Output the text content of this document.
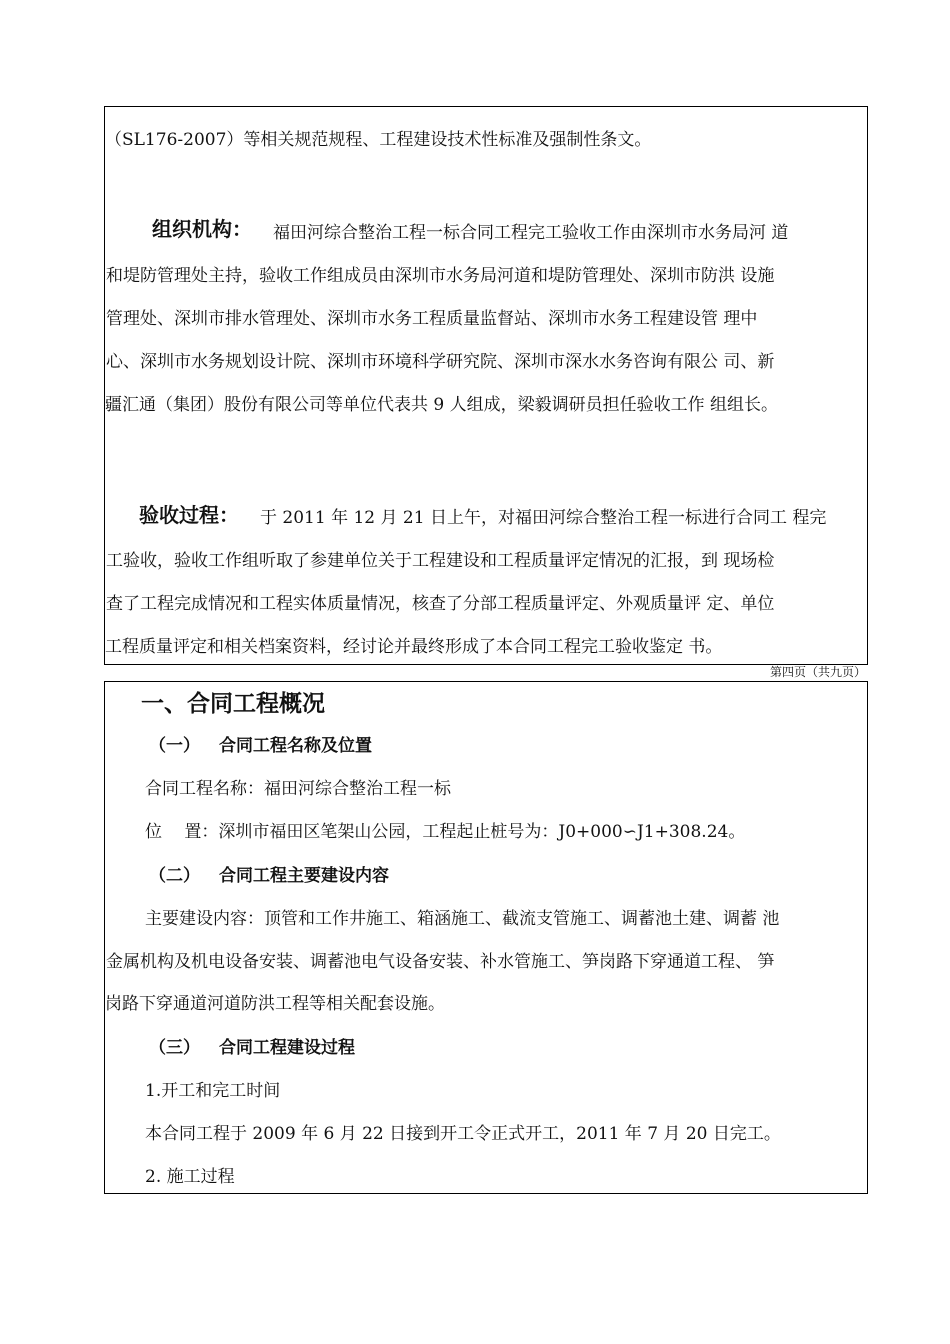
（SL176-2007）等相关规范规程、工程建设技术性标准及强制性条文。
组织机构： 福田河综合整治工程一标合同工程完工验收工作由深圳市水务局河 道
和堤防管理处主持，验收工作组成员由深圳市水务局河道和堤防管理处、深圳市防洪 设施
管理处、深圳市排水管理处、深圳市水务工程质量监督站、深圳市水务工程建设管 理中
心、深圳市水务规划设计院、深圳市环境科学研究院、深圳市深水水务咨询有限公 司、新
疆汇通（集团）股份有限公司等单位代表共 9 人组成，梁毅调研员担任验收工作 组组长。
验收过程： 于 2011 年 12 月 21 日上午，对福田河综合整治工程一标进行合同工 程完
工验收，验收工作组听取了参建单位关于工程建设和工程质量评定情况的汇报，到 现场检
查了工程完成情况和工程实体质量情况，核查了分部工程质量评定、外观质量评 定、单位
工程质量评定和相关档案资料，经讨论并最终形成了本合同工程完工验收鉴定 书。
第四页（共九页）
一、合同工程概况
（一） 合同工程名称及位置
合同工程名称：福田河综合整治工程一标
位　 置：深圳市福田区笔架山公园，工程起止桩号为：J0+000∽J1+308.24。
（二） 合同工程主要建设内容
主要建设内容：顶管和工作井施工、箱涵施工、截流支管施工、调蓄池土建、调蓄 池
金属机构及机电设备安装、调蓄池电气设备安装、补水管施工、笋岗路下穿通道工程、 笋
岗路下穿通道河道防洪工程等相关配套设施。
（三） 合同工程建设过程
1.开工和完工时间
本合同工程于 2009 年 6 月 22 日接到开工令正式开工，2011 年 7 月 20 日完工。
2. 施工过程
